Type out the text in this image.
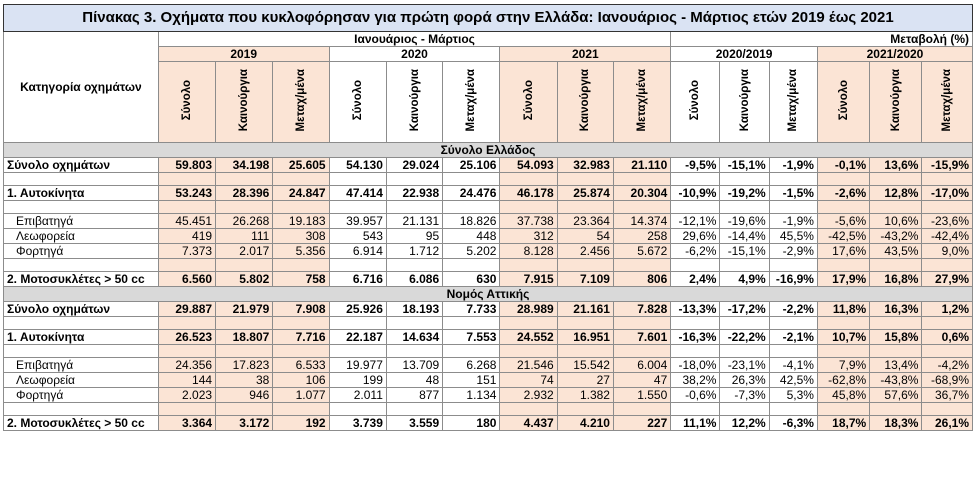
Πίνακας 3. Οχήματα που κυκλοφόρησαν για πρώτη φορά στην Ελλάδα: Ιανουάριος - Μάρτιος ετών 2019 έως 2021															
Κατηγορία οχημάτων	Ιανουάριος - Μάρτιος									Μεταβολή (%)					
	2019			2020			2021			2020/2019			2021/2020		
	Σύνολο	Καινούργια	Μεταχ/μένα	Σύνολο	Καινούργια	Μεταχ/μένα	Σύνολο	Καινούργια	Μεταχ/μένα	Σύνολο	Καινούργια	Μεταχ/μένα	Σύνολο	Καινούργια	Μεταχ/μένα
Σύνολο Ελλάδος															
Σύνολο οχημάτων	59.803	34.198	25.605	54.130	29.024	25.106	54.093	32.983	21.110	-9,5%	-15,1%	-1,9%	-0,1%	13,6%	-15,9%

1. Αυτοκίνητα	53.243	28.396	24.847	47.414	22.938	24.476	46.178	25.874	20.304	-10,9%	-19,2%	-1,5%	-2,6%	12,8%	-17,0%

Επιβατηγά	45.451	26.268	19.183	39.957	21.131	18.826	37.738	23.364	14.374	-12,1%	-19,6%	-1,9%	-5,6%	10,6%	-23,6%
Λεωφορεία	419	111	308	543	95	448	312	54	258	29,6%	-14,4%	45,5%	-42,5%	-43,2%	-42,4%
Φορτηγά	7.373	2.017	5.356	6.914	1.712	5.202	8.128	2.456	5.672	-6,2%	-15,1%	-2,9%	17,6%	43,5%	9,0%

2. Μοτοσυκλέτες > 50 cc	6.560	5.802	758	6.716	6.086	630	7.915	7.109	806	2,4%	4,9%	-16,9%	17,9%	16,8%	27,9%
Νομός Αττικής															
Σύνολο οχημάτων	29.887	21.979	7.908	25.926	18.193	7.733	28.989	21.161	7.828	-13,3%	-17,2%	-2,2%	11,8%	16,3%	1,2%

1. Αυτοκίνητα	26.523	18.807	7.716	22.187	14.634	7.553	24.552	16.951	7.601	-16,3%	-22,2%	-2,1%	10,7%	15,8%	0,6%

Επιβατηγά	24.356	17.823	6.533	19.977	13.709	6.268	21.546	15.542	6.004	-18,0%	-23,1%	-4,1%	7,9%	13,4%	-4,2%
Λεωφορεία	144	38	106	199	48	151	74	27	47	38,2%	26,3%	42,5%	-62,8%	-43,8%	-68,9%
Φορτηγά	2.023	946	1.077	2.011	877	1.134	2.932	1.382	1.550	-0,6%	-7,3%	5,3%	45,8%	57,6%	36,7%

2. Μοτοσυκλέτες > 50 cc	3.364	3.172	192	3.739	3.559	180	4.437	4.210	227	11,1%	12,2%	-6,3%	18,7%	18,3%	26,1%
